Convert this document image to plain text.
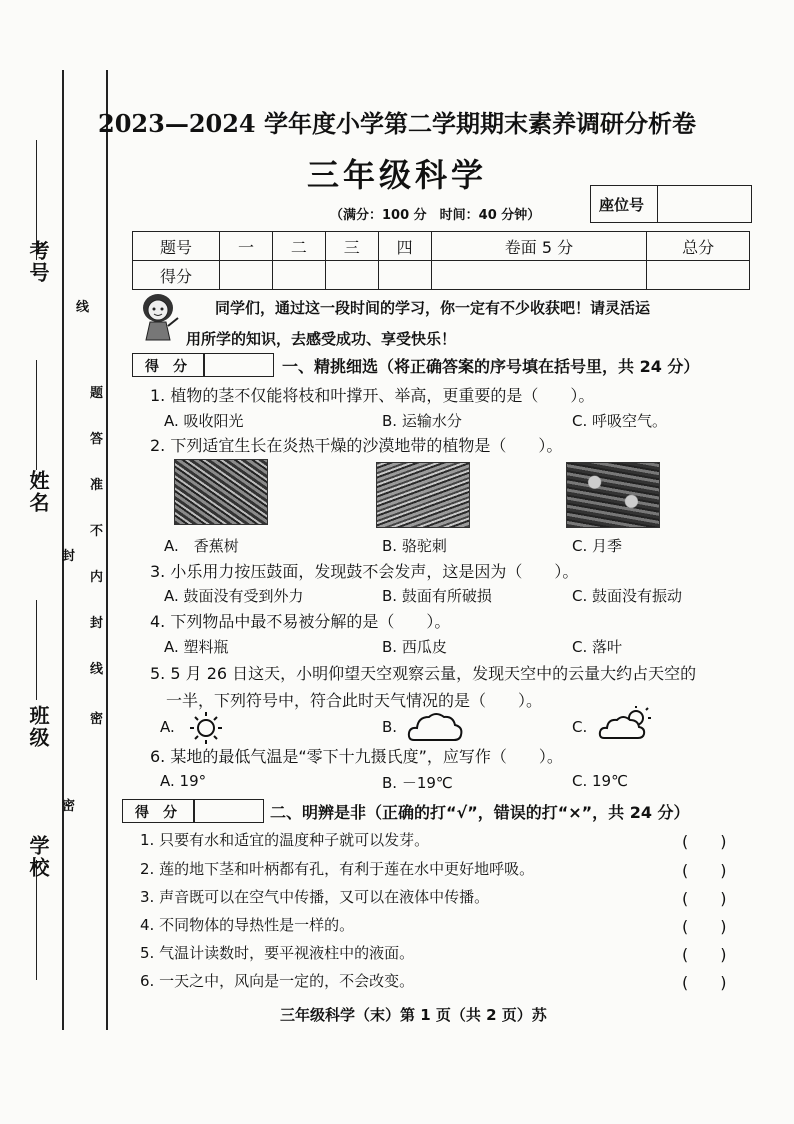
考号
姓名
班级
学校
线
题
答
准
不
内
封
线
封
密
密
2023—2024 学年度小学第二学期期末素养调研分析卷
三年级科学
（满分：100 分　时间：40 分钟）
座位号
题号	一	二	三	四	卷面 5 分	总分
得分						
同学们，通过这一段时间的学习，你一定有不少收获吧！请灵活运
用所学的知识，去感受成功、享受快乐！
得　分	一、精挑细选（将正确答案的序号填在括号里，共 24 分）
1. 植物的茎不仅能将枝和叶撑开、举高，更重要的是（　　）。
A. 吸收阳光	B. 运输水分	C. 呼吸空气。
2. 下列适宜生长在炎热干燥的沙漠地带的植物是（　　）。
A.　香蕉树	B. 骆驼刺	C. 月季
3. 小乐用力按压鼓面，发现鼓不会发声，这是因为（　　）。
A. 鼓面没有受到外力	B. 鼓面有所破损	C. 鼓面没有振动
4. 下列物品中最不易被分解的是（　　）。
A. 塑料瓶	B. 西瓜皮	C. 落叶
5. 5 月 26 日这天，小明仰望天空观察云量，发现天空中的云量大约占天空的
一半，下列符号中，符合此时天气情况的是（　　）。
A.	B.	C.
6. 某地的最低气温是“零下十九摄氏度”，应写作（　　）。
A. 19°	B. －19℃	C. 19℃
得　分	二、明辨是非（正确的打“√”，错误的打“×”，共 24 分）
1. 只要有水和适宜的温度种子就可以发芽。	(　　)
2. 莲的地下茎和叶柄都有孔，有利于莲在水中更好地呼吸。	(　　)
3. 声音既可以在空气中传播，又可以在液体中传播。	(　　)
4. 不同物体的导热性是一样的。	(　　)
5. 气温计读数时，要平视液柱中的液面。	(　　)
6. 一天之中，风向是一定的，不会改变。	(　　)
三年级科学（末）第 1 页（共 2 页）苏
